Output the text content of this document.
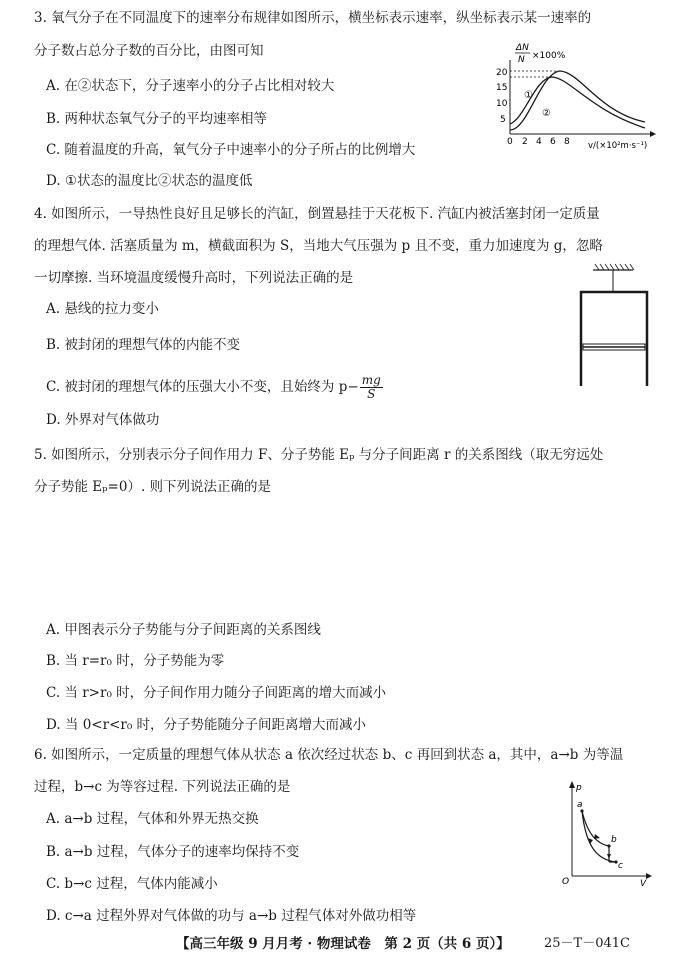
3. 氧气分子在不同温度下的速率分布规律如图所示，横坐标表示速率，纵坐标表示某一速率的
分子数占总分子数的百分比，由图可知
A. 在②状态下，分子速率小的分子占比相对较大
B. 两种状态氧气分子的平均速率相等
C. 随着温度的升高，氧气分子中速率小的分子所占的比例增大
D. ①状态的温度比②状态的温度低
ΔN
N ×100%
20
15
10
5
①
②
0 2 4 6 8 v/(×10²m·s⁻¹)
4. 如图所示，一导热性良好且足够长的汽缸，倒置悬挂于天花板下. 汽缸内被活塞封闭一定质量
的理想气体. 活塞质量为 m，横截面积为 S，当地大气压强为 p 且不变，重力加速度为 g，忽略
一切摩擦. 当环境温度缓慢升高时，下列说法正确的是
A. 悬线的拉力变小
B. 被封闭的理想气体的内能不变
C. 被封闭的理想气体的压强大小不变，且始终为 $p- \frac{mg}{S}$
D. 外界对气体做功
5. 如图所示，分别表示分子间作用力 F、分子势能 Eₚ 与分子间距离 r 的关系图线（取无穷远处
分子势能 Eₚ=0）. 则下列说法正确的是
A. 甲图表示分子势能与分子间距离的关系图线
B. 当 r=r₀ 时，分子势能为零
C. 当 r>r₀ 时，分子间作用力随分子间距离的增大而减小
D. 当 0<r<r₀ 时，分子势能随分子间距离增大而减小
6. 如图所示，一定质量的理想气体从状态 a 依次经过状态 b、c 再回到状态 a，其中，a→b 为等温
过程，b→c 为等容过程. 下列说法正确的是
A. a→b 过程，气体和外界无热交换
B. a→b 过程，气体分子的速率均保持不变
C. b→c 过程，气体内能减小
D. c→a 过程外界对气体做的功与 a→b 过程气体对外做功相等
p
V
O
a
b
c
【高三年级 9 月月考 · 物理试卷　第 2 页（共 6 页）】	25－T－041C
